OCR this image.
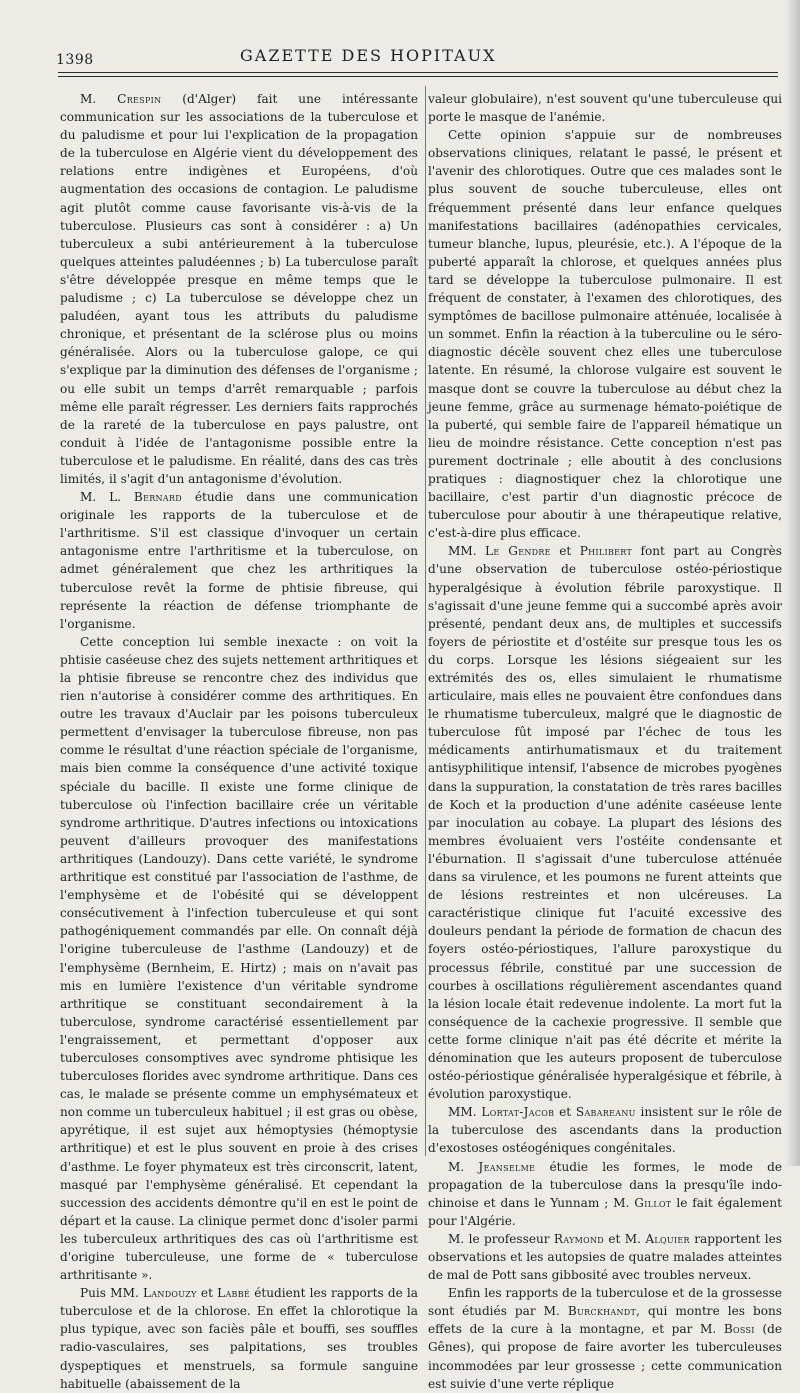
1398	GAZETTE DES HOPITAUX

M. Crespin (d'Alger) fait une intéressante communication sur les associations de la tuberculose et du paludisme et pour lui l'explication de la propagation de la tuberculose en Algérie vient du développement des relations entre indigènes et Européens, d'où augmentation des occasions de contagion. Le paludisme agit plutôt comme cause favorisante vis-à-vis de la tuberculose. Plusieurs cas sont à considérer : a) Un tuberculeux a subi antérieurement à la tuberculose quelques atteintes paludéennes ; b) La tuberculose paraît s'être développée presque en même temps que le paludisme ; c) La tuberculose se développe chez un paludéen, ayant tous les attributs du paludisme chronique, et présentant de la sclérose plus ou moins généralisée. Alors ou la tuberculose galope, ce qui s'explique par la diminution des défenses de l'organisme ; ou elle subit un temps d'arrêt remarquable ; parfois même elle paraît régresser. Les derniers faits rapprochés de la rareté de la tuberculose en pays palustre, ont conduit à l'idée de l'antagonisme possible entre la tuberculose et le paludisme. En réalité, dans des cas très limités, il s'agit d'un antagonisme d'évolution.

M. L. Bernard étudie dans une communication originale les rapports de la tuberculose et de l'arthritisme. S'il est classique d'invoquer un certain antagonisme entre l'arthritisme et la tuberculose, on admet généralement que chez les arthritiques la tuberculose revêt la forme de phtisie fibreuse, qui représente la réaction de défense triomphante de l'organisme.

Cette conception lui semble inexacte : on voit la phtisie caséeuse chez des sujets nettement arthritiques et la phtisie fibreuse se rencontre chez des individus que rien n'autorise à considérer comme des arthritiques. En outre les travaux d'Auclair par les poisons tuberculeux permettent d'envisager la tuberculose fibreuse, non pas comme le résultat d'une réaction spéciale de l'organisme, mais bien comme la conséquence d'une activité toxique spéciale du bacille. Il existe une forme clinique de tuberculose où l'infection bacillaire crée un véritable syndrome arthritique. D'autres infections ou intoxications peuvent d'ailleurs provoquer des manifestations arthritiques (Landouzy). Dans cette variété, le syndrome arthritique est constitué par l'association de l'asthme, de l'emphysème et de l'obésité qui se développent consécutivement à l'infection tuberculeuse et qui sont pathogéniquement commandés par elle. On connaît déjà l'origine tuberculeuse de l'asthme (Landouzy) et de l'emphysème (Bernheim, E. Hirtz) ; mais on n'avait pas mis en lumière l'existence d'un véritable syndrome arthritique se constituant secondairement à la tuberculose, syndrome caractérisé essentiellement par l'engraissement, et permettant d'opposer aux tuberculoses consomptives avec syndrome phtisique les tuberculoses florides avec syndrome arthritique. Dans ces cas, le malade se présente comme un emphysémateux et non comme un tuberculeux habituel ; il est gras ou obèse, apyrétique, il est sujet aux hémoptysies (hémoptysie arthritique) et est le plus souvent en proie à des crises d'asthme. Le foyer phymateux est très circonscrit, latent, masqué par l'emphysème généralisé. Et cependant la succession des accidents démontre qu'il en est le point de départ et la cause. La clinique permet donc d'isoler parmi les tuberculeux arthritiques des cas où l'arthritisme est d'origine tuberculeuse, une forme de « tuberculose arthritisante ».

Puis MM. Landouzy et Labbé étudient les rapports de la tuberculose et de la chlorose. En effet la chlorotique la plus typique, avec son faciès pâle et bouffi, ses souffles radio-vasculaires, ses palpitations, ses troubles dyspeptiques et menstruels, sa formule sanguine habituelle (abaissement de la

valeur globulaire), n'est souvent qu'une tuberculeuse qui porte le masque de l'anémie.

Cette opinion s'appuie sur de nombreuses observations cliniques, relatant le passé, le présent et l'avenir des chlorotiques. Outre que ces malades sont le plus souvent de souche tuberculeuse, elles ont fréquemment présenté dans leur enfance quelques manifestations bacillaires (adénopathies cervicales, tumeur blanche, lupus, pleurésie, etc.). A l'époque de la puberté apparaît la chlorose, et quelques années plus tard se développe la tuberculose pulmonaire. Il est fréquent de constater, à l'examen des chlorotiques, des symptômes de bacillose pulmonaire atténuée, localisée à un sommet. Enfin la réaction à la tuberculine ou le séro-diagnostic décèle souvent chez elles une tuberculose latente. En résumé, la chlorose vulgaire est souvent le masque dont se couvre la tuberculose au début chez la jeune femme, grâce au surmenage hémato-poiétique de la puberté, qui semble faire de l'appareil hématique un lieu de moindre résistance. Cette conception n'est pas purement doctrinale ; elle aboutit à des conclusions pratiques : diagnostiquer chez la chlorotique une bacillaire, c'est partir d'un diagnostic précoce de tuberculose pour aboutir à une thérapeutique relative, c'est-à-dire plus efficace.

MM. Le Gendre et Philibert font part au Congrès d'une observation de tuberculose ostéo-périostique hyperalgésique à évolution fébrile paroxystique. Il s'agissait d'une jeune femme qui a succombé après avoir présenté, pendant deux ans, de multiples et successifs foyers de périostite et d'ostéite sur presque tous les os du corps. Lorsque les lésions siégeaient sur les extrémités des os, elles simulaient le rhumatisme articulaire, mais elles ne pouvaient être confondues dans le rhumatisme tuberculeux, malgré que le diagnostic de tuberculose fût imposé par l'échec de tous les médicaments antirhumatismaux et du traitement antisyphilitique intensif, l'absence de microbes pyogènes dans la suppuration, la constatation de très rares bacilles de Koch et la production d'une adénite caséeuse lente par inoculation au cobaye. La plupart des lésions des membres évoluaient vers l'ostéite condensante et l'éburnation. Il s'agissait d'une tuberculose atténuée dans sa virulence, et les poumons ne furent atteints que de lésions restreintes et non ulcéreuses. La caractéristique clinique fut l'acuité excessive des douleurs pendant la période de formation de chacun des foyers ostéo-périostiques, l'allure paroxystique du processus fébrile, constitué par une succession de courbes à oscillations régulièrement ascendantes quand la lésion locale était redevenue indolente. La mort fut la conséquence de la cachexie progressive. Il semble que cette forme clinique n'ait pas été décrite et mérite la dénomination que les auteurs proposent de tuberculose ostéo-périostique généralisée hyperalgésique et fébrile, à évolution paroxystique.

MM. Lortat-Jacob et Sabareanu insistent sur le rôle de la tuberculose des ascendants dans la production d'exostoses ostéogéniques congénitales.

M. Jeanselme étudie les formes, le mode de propagation de la tuberculose dans la presqu'île indo-chinoise et dans le Yunnam ; M. Gillot le fait également pour l'Algérie.

M. le professeur Raymond et M. Alquier rapportent les observations et les autopsies de quatre malades atteintes de mal de Pott sans gibbosité avec troubles nerveux.

Enfin les rapports de la tuberculose et de la grossesse sont étudiés par M. Burckhandt, qui montre les bons effets de la cure à la montagne, et par M. Bossi (de Gênes), qui propose de faire avorter les tuberculeuses incommodées par leur grossesse ; cette communication est suivie d'une verte réplique
